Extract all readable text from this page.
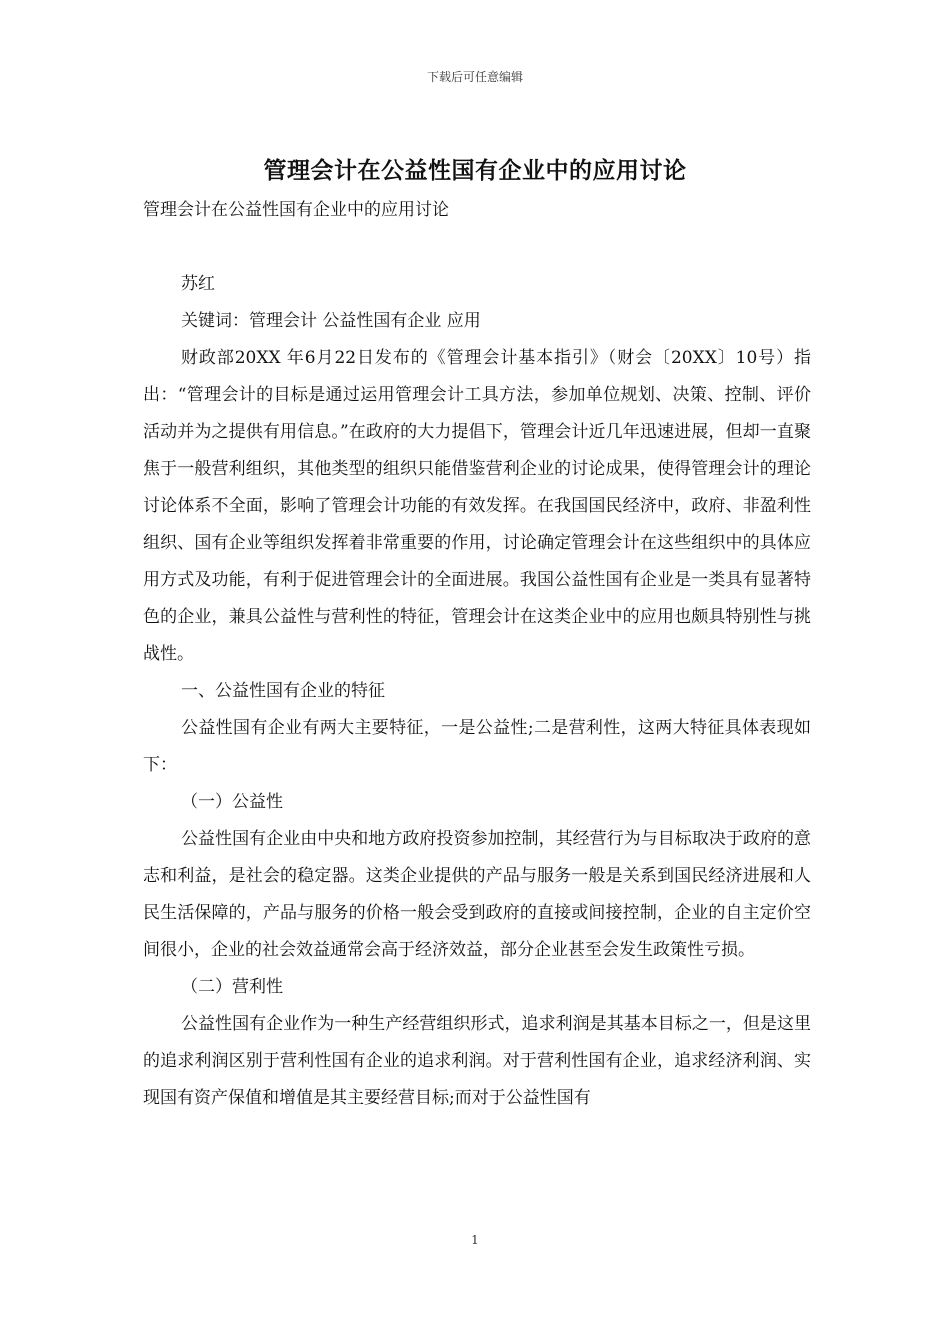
下载后可任意编辑
管理会计在公益性国有企业中的应用讨论

管理会计在公益性国有企业中的应用讨论

苏红

关键词：管理会计 公益性国有企业 应用

财政部20XX 年6月22日发布的《管理会计基本指引》（财会〔20XX〕10号）指出：“管理会计的目标是通过运用管理会计工具方法，参加单位规划、决策、控制、评价活动并为之提供有用信息。”在政府的大力提倡下，管理会计近几年迅速进展，但却一直聚焦于一般营利组织，其他类型的组织只能借鉴营利企业的讨论成果，使得管理会计的理论讨论体系不全面，影响了管理会计功能的有效发挥。在我国国民经济中，政府、非盈利性组织、国有企业等组织发挥着非常重要的作用，讨论确定管理会计在这些组织中的具体应用方式及功能，有利于促进管理会计的全面进展。我国公益性国有企业是一类具有显著特色的企业，兼具公益性与营利性的特征，管理会计在这类企业中的应用也颇具特别性与挑战性。

一、公益性国有企业的特征

公益性国有企业有两大主要特征，一是公益性;二是营利性，这两大特征具体表现如下：

（一）公益性

公益性国有企业由中央和地方政府投资参加控制，其经营行为与目标取决于政府的意志和利益，是社会的稳定器。这类企业提供的产品与服务一般是关系到国民经济进展和人民生活保障的，产品与服务的价格一般会受到政府的直接或间接控制，企业的自主定价空间很小，企业的社会效益通常会高于经济效益，部分企业甚至会发生政策性亏损。

（二）营利性

公益性国有企业作为一种生产经营组织形式，追求利润是其基本目标之一，但是这里的追求利润区别于营利性国有企业的追求利润。对于营利性国有企业，追求经济利润、实现国有资产保值和增值是其主要经营目标;而对于公益性国有

1
